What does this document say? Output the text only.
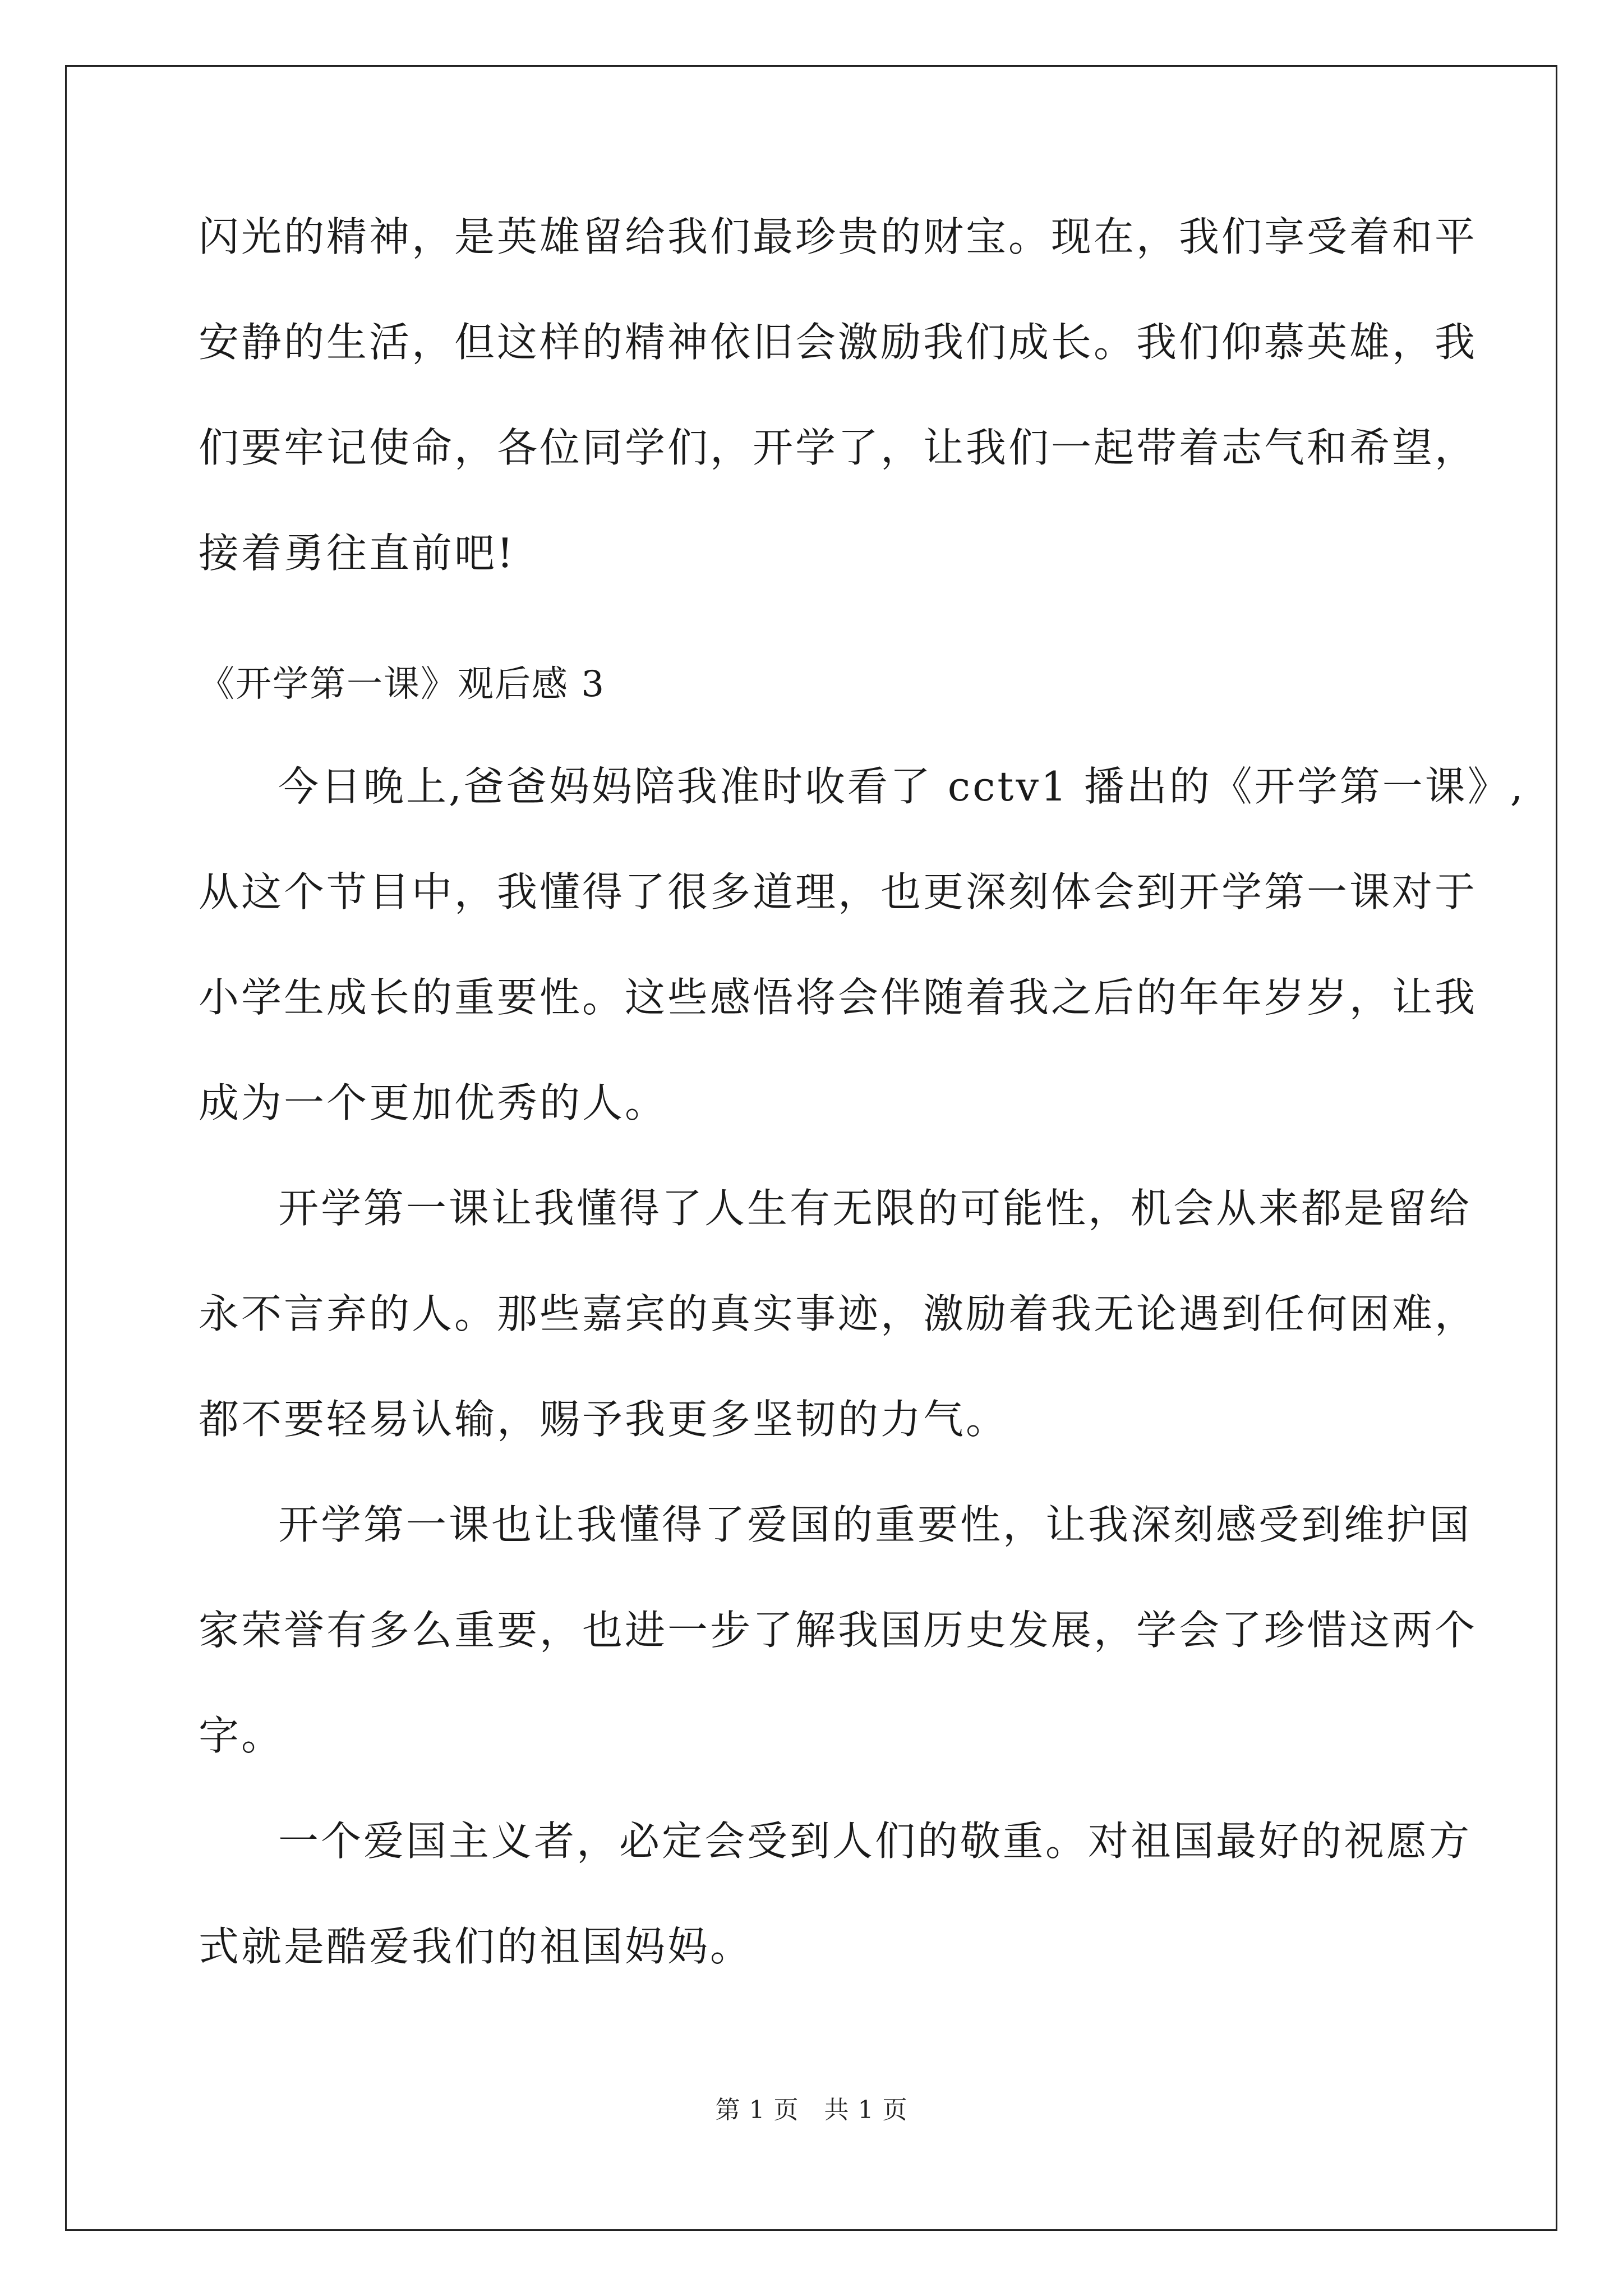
闪光的精神，是英雄留给我们最珍贵的财宝。现在，我们享受着和平
安静的生活，但这样的精神依旧会激励我们成长。我们仰慕英雄，我
们要牢记使命，各位同学们，开学了，让我们一起带着志气和希望，
接着勇往直前吧!
《开学第一课》观后感 3
今日晚上,爸爸妈妈陪我准时收看了 cctv1 播出的《开学第一课》,
从这个节目中，我懂得了很多道理，也更深刻体会到开学第一课对于
小学生成长的重要性。这些感悟将会伴随着我之后的年年岁岁，让我
成为一个更加优秀的人。
开学第一课让我懂得了人生有无限的可能性，机会从来都是留给
永不言弃的人。那些嘉宾的真实事迹，激励着我无论遇到任何困难，
都不要轻易认输，赐予我更多坚韧的力气。
开学第一课也让我懂得了爱国的重要性，让我深刻感受到维护国
家荣誉有多么重要，也进一步了解我国历史发展，学会了珍惜这两个
字。
一个爱国主义者，必定会受到人们的敬重。对祖国最好的祝愿方
式就是酷爱我们的祖国妈妈。
第 1 页　共 1 页
